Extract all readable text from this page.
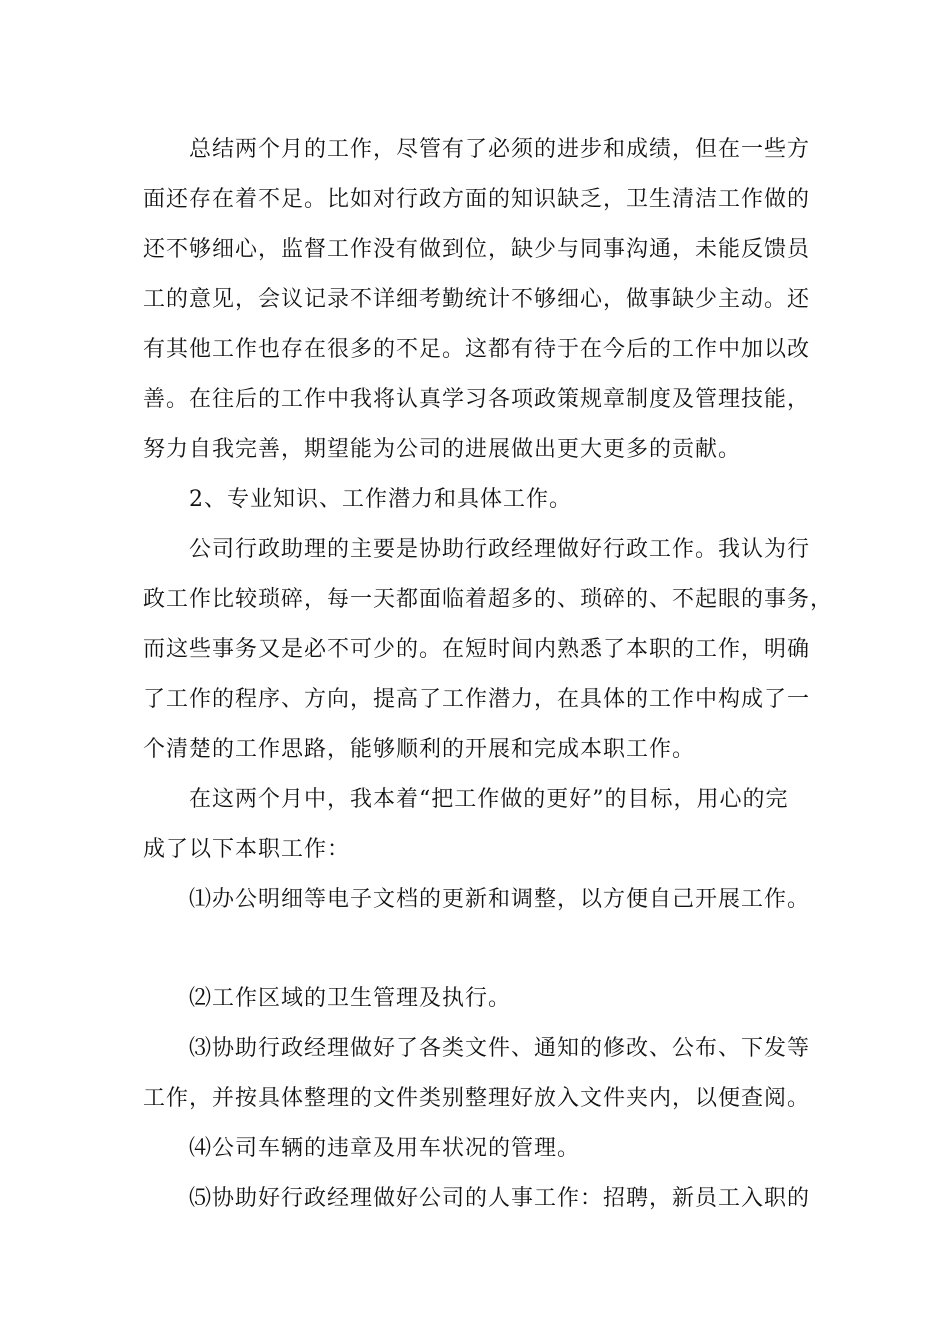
总结两个月的工作，尽管有了必须的进步和成绩，但在一些方

面还存在着不足。比如对行政方面的知识缺乏，卫生清洁工作做的

还不够细心，监督工作没有做到位，缺少与同事沟通，未能反馈员

工的意见，会议记录不详细考勤统计不够细心，做事缺少主动。还

有其他工作也存在很多的不足。这都有待于在今后的工作中加以改

善。在往后的工作中我将认真学习各项政策规章制度及管理技能，

努力自我完善，期望能为公司的进展做出更大更多的贡献。

2、专业知识、工作潜力和具体工作。

公司行政助理的主要是协助行政经理做好行政工作。我认为行

政工作比较琐碎，每一天都面临着超多的、琐碎的、不起眼的事务，

而这些事务又是必不可少的。在短时间内熟悉了本职的工作，明确

了工作的程序、方向，提高了工作潜力，在具体的工作中构成了一

个清楚的工作思路，能够顺利的开展和完成本职工作。

在这两个月中，我本着“把工作做的更好”的目标，用心的完

成了以下本职工作：

⑴办公明细等电子文档的更新和调整，以方便自己开展工作。

⑵工作区域的卫生管理及执行。

⑶协助行政经理做好了各类文件、通知的修改、公布、下发等

工作，并按具体整理的文件类别整理好放入文件夹内，以便查阅。

⑷公司车辆的违章及用车状况的管理。

⑸协助好行政经理做好公司的人事工作：招聘，新员工入职的
